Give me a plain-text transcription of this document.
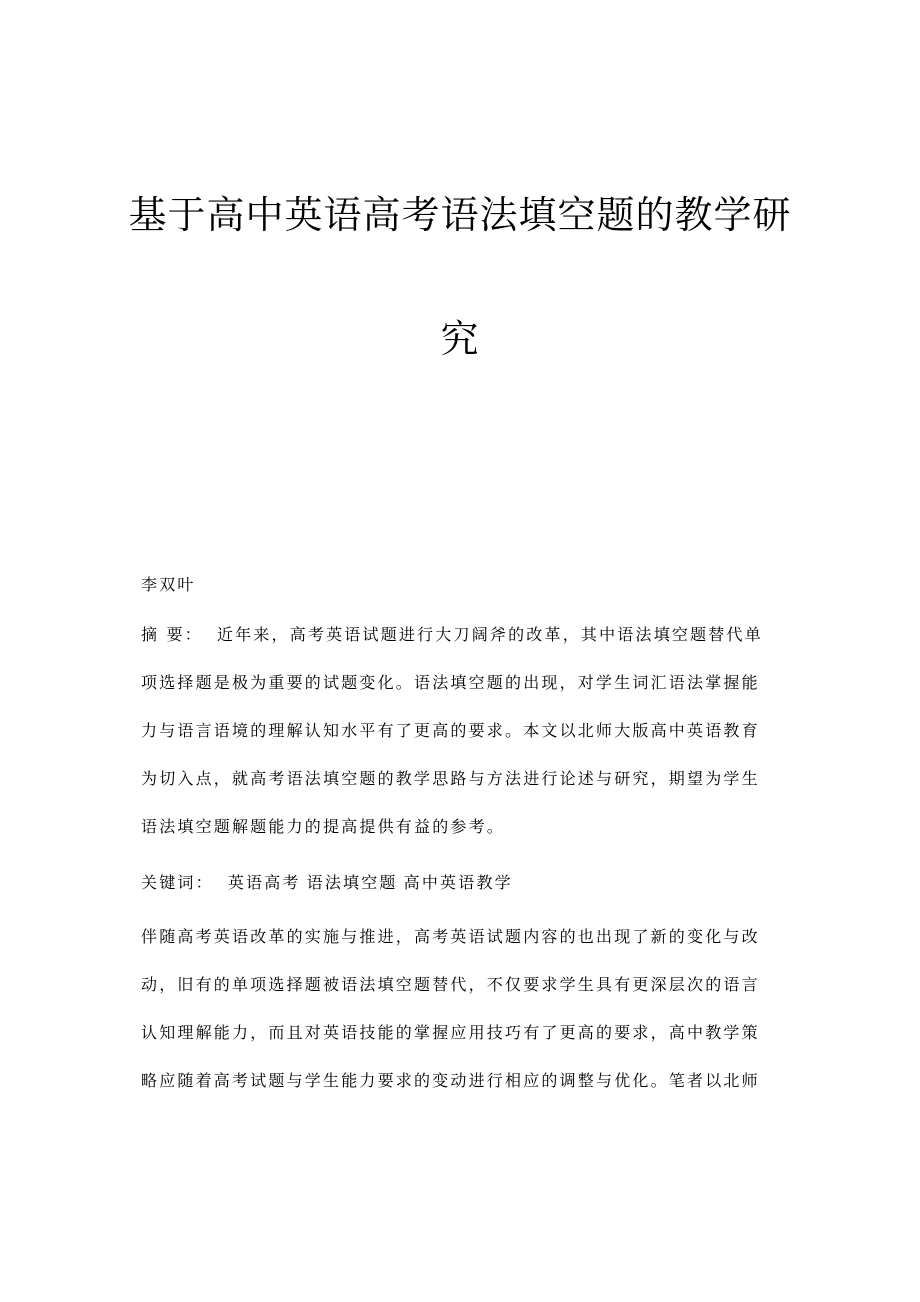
基于高中英语高考语法填空题的教学研
究

李双叶

摘 要： 近年来，高考英语试题进行大刀阔斧的改革，其中语法填空题替代单
项选择题是极为重要的试题变化。语法填空题的出现，对学生词汇语法掌握能
力与语言语境的理解认知水平有了更高的要求。本文以北师大版高中英语教育
为切入点，就高考语法填空题的教学思路与方法进行论述与研究，期望为学生
语法填空题解题能力的提高提供有益的参考。

关键词： 英语高考 语法填空题 高中英语教学

伴随高考英语改革的实施与推进，高考英语试题内容的也出现了新的变化与改
动，旧有的单项选择题被语法填空题替代，不仅要求学生具有更深层次的语言
认知理解能力，而且对英语技能的掌握应用技巧有了更高的要求，高中教学策
略应随着高考试题与学生能力要求的变动进行相应的调整与优化。笔者以北师
